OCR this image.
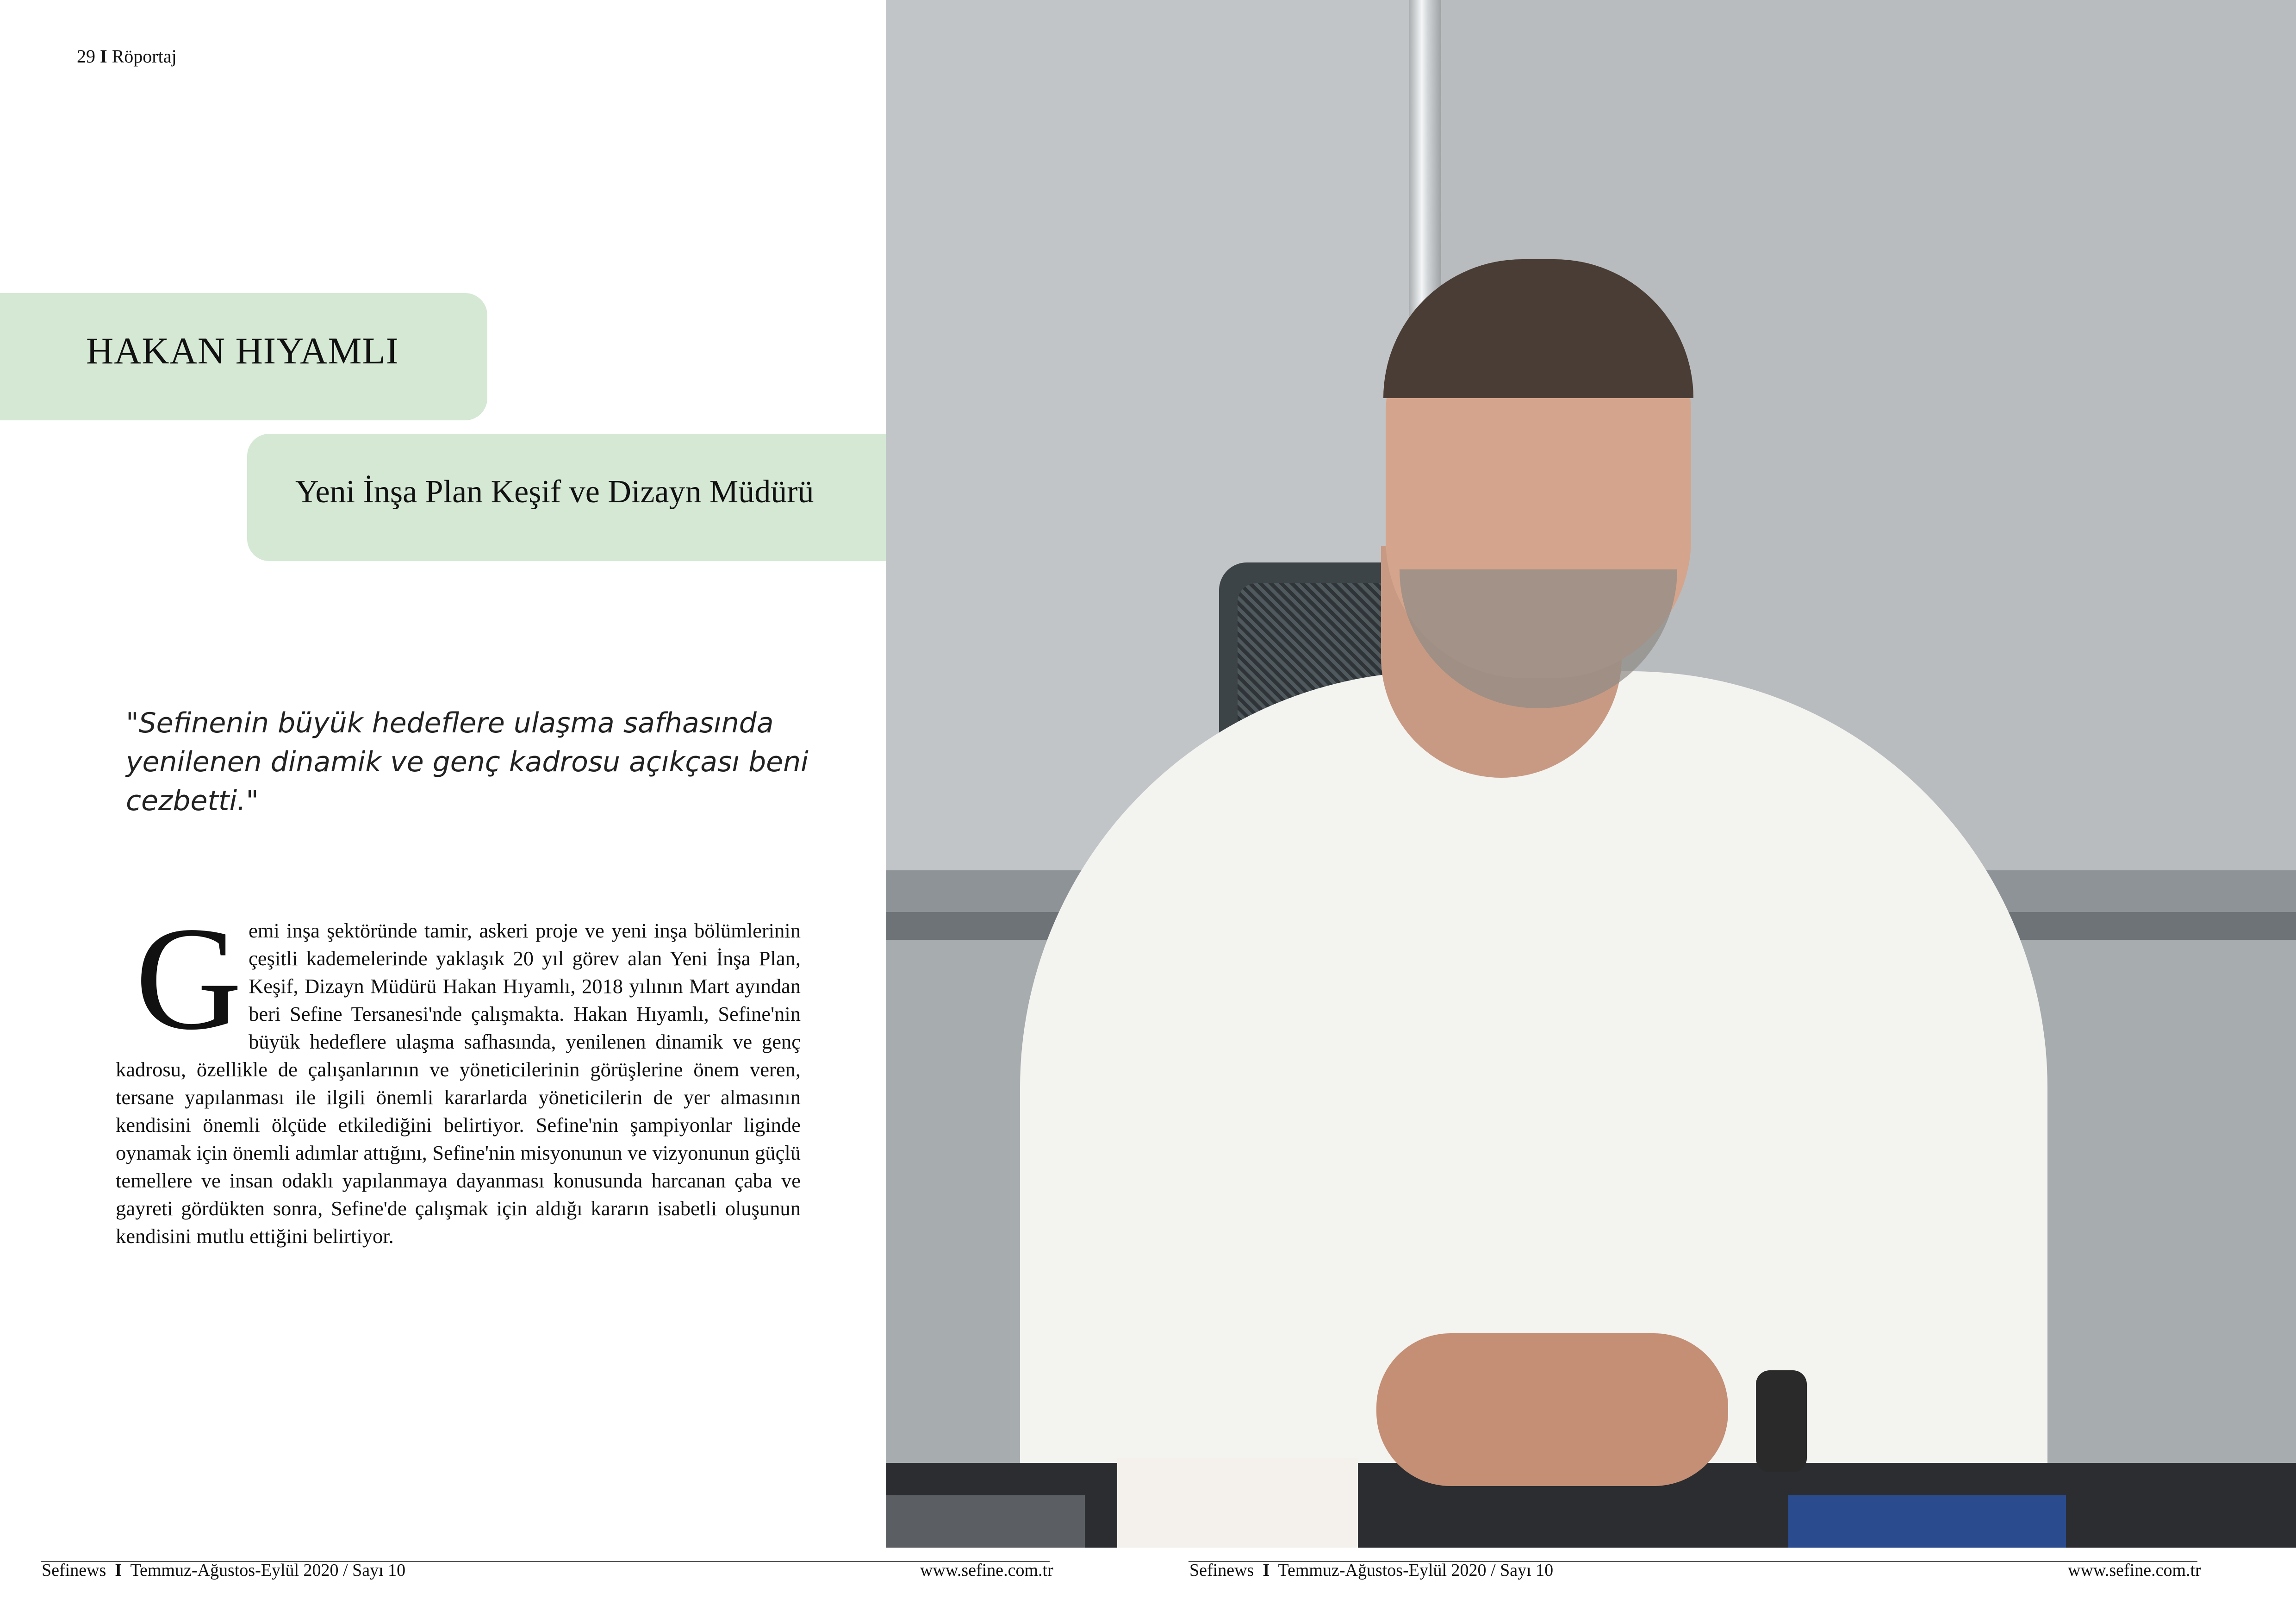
29 I Röportaj
HAKAN HIYAMLI
Yeni İnşa Plan Keşif ve Dizayn Müdürü
"Sefinenin büyük hedeflere ulaşma safhasında yenilenen dinamik ve genç kadrosu açıkçası beni cezbetti."
G emi inşa şektöründe tamir, askeri proje ve yeni inşa bölümlerinin çeşitli kademelerinde yaklaşık 20 yıl görev alan Yeni İnşa Plan, Keşif, Dizayn Müdürü Hakan Hıyamlı, 2018 yılının Mart ayından beri Sefine Tersanesi'nde çalışmakta. Hakan Hıyamlı, Sefine'nin büyük hedeflere ulaşma safhasında, yenilenen dinamik ve genç kadrosu, özellikle de çalışanlarının ve yöneticilerinin görüşlerine önem veren, tersane yapılanması ile ilgili önemli kararlarda yöneticilerin de yer almasının kendisini önemli ölçüde etkilediğini belirtiyor. Sefine'nin şampiyonlar liginde oynamak için önemli adımlar attığını, Sefine'nin misyonunun ve vizyonunun güçlü temellere ve insan odaklı yapılanmaya dayanması konusunda harcanan çaba ve gayreti gördükten sonra, Sefine'de çalışmak için aldığı kararın isabetli oluşunun kendisini mutlu ettiğini belirtiyor.
Sefinews I Temmuz-Ağustos-Eylül 2020 / Sayı 10	www.sefine.com.tr	Sefinews I Temmuz-Ağustos-Eylül 2020 / Sayı 10	www.sefine.com.tr
